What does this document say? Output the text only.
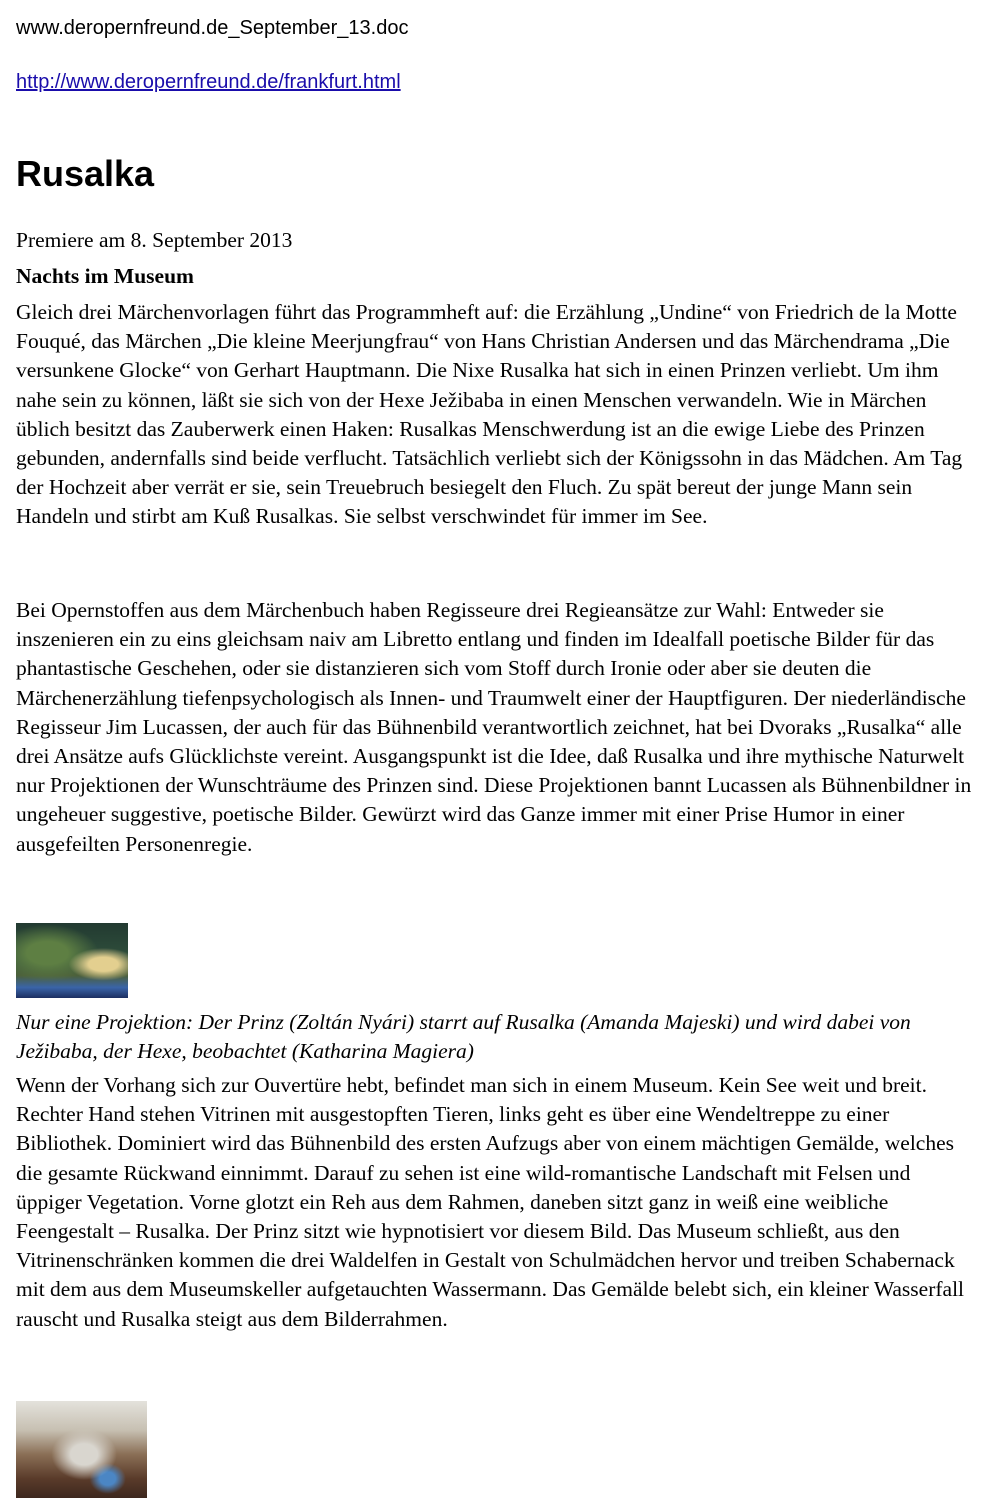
www.deropernfreund.de_September_13.doc
http://www.deropernfreund.de/frankfurt.html
Rusalka

Premiere am 8. September 2013

Nachts im Museum

Gleich drei Märchenvorlagen führt das Programmheft auf: die Erzählung „Undine“ von Friedrich de la Motte Fouqué, das Märchen „Die kleine Meerjungfrau“ von Hans Christian Andersen und das Märchendrama „Die versunkene Glocke“ von Gerhart Hauptmann. Die Nixe Rusalka hat sich in einen Prinzen verliebt. Um ihm nahe sein zu können, läßt sie sich von der Hexe Ježibaba in einen Menschen verwandeln. Wie in Märchen üblich besitzt das Zauberwerk einen Haken: Rusalkas Menschwerdung ist an die ewige Liebe des Prinzen gebunden, andernfalls sind beide verflucht. Tatsächlich verliebt sich der Königssohn in das Mädchen. Am Tag der Hochzeit aber verrät er sie, sein Treuebruch besiegelt den Fluch. Zu spät bereut der junge Mann sein Handeln und stirbt am Kuß Rusalkas. Sie selbst verschwindet für immer im See.

Bei Opernstoffen aus dem Märchenbuch haben Regisseure drei Regieansätze zur Wahl: Entweder sie inszenieren ein zu eins gleichsam naiv am Libretto entlang und finden im Idealfall poetische Bilder für das phantastische Geschehen, oder sie distanzieren sich vom Stoff durch Ironie oder aber sie deuten die Märchenerzählung tiefenpsychologisch als Innen- und Traumwelt einer der Hauptfiguren. Der niederländische Regisseur Jim Lucassen, der auch für das Bühnenbild verantwortlich zeichnet, hat bei Dvoraks „Rusalka“ alle drei Ansätze aufs Glücklichste vereint. Ausgangspunkt ist die Idee, daß Rusalka und ihre mythische Naturwelt nur Projektionen der Wunschträume des Prinzen sind. Diese Projektionen bannt Lucassen als Bühnenbildner in ungeheuer suggestive, poetische Bilder. Gewürzt wird das Ganze immer mit einer Prise Humor in einer ausgefeilten Personenregie.

Nur eine Projektion: Der Prinz (Zoltán Nyári) starrt auf Rusalka (Amanda Majeski) und wird dabei von Ježibaba, der Hexe, beobachtet (Katharina Magiera)

Wenn der Vorhang sich zur Ouvertüre hebt, befindet man sich in einem Museum. Kein See weit und breit. Rechter Hand stehen Vitrinen mit ausgestopften Tieren, links geht es über eine Wendeltreppe zu einer Bibliothek. Dominiert wird das Bühnenbild des ersten Aufzugs aber von einem mächtigen Gemälde, welches die gesamte Rückwand einnimmt. Darauf zu sehen ist eine wild-romantische Landschaft mit Felsen und üppiger Vegetation. Vorne glotzt ein Reh aus dem Rahmen, daneben sitzt ganz in weiß eine weibliche Feengestalt – Rusalka. Der Prinz sitzt wie hypnotisiert vor diesem Bild. Das Museum schließt, aus den Vitrinenschränken kommen die drei Waldelfen in Gestalt von Schulmädchen hervor und treiben Schabernack mit dem aus dem Museumskeller aufgetauchten Wassermann. Das Gemälde belebt sich, ein kleiner Wasserfall rauscht und Rusalka steigt aus dem Bilderrahmen.
